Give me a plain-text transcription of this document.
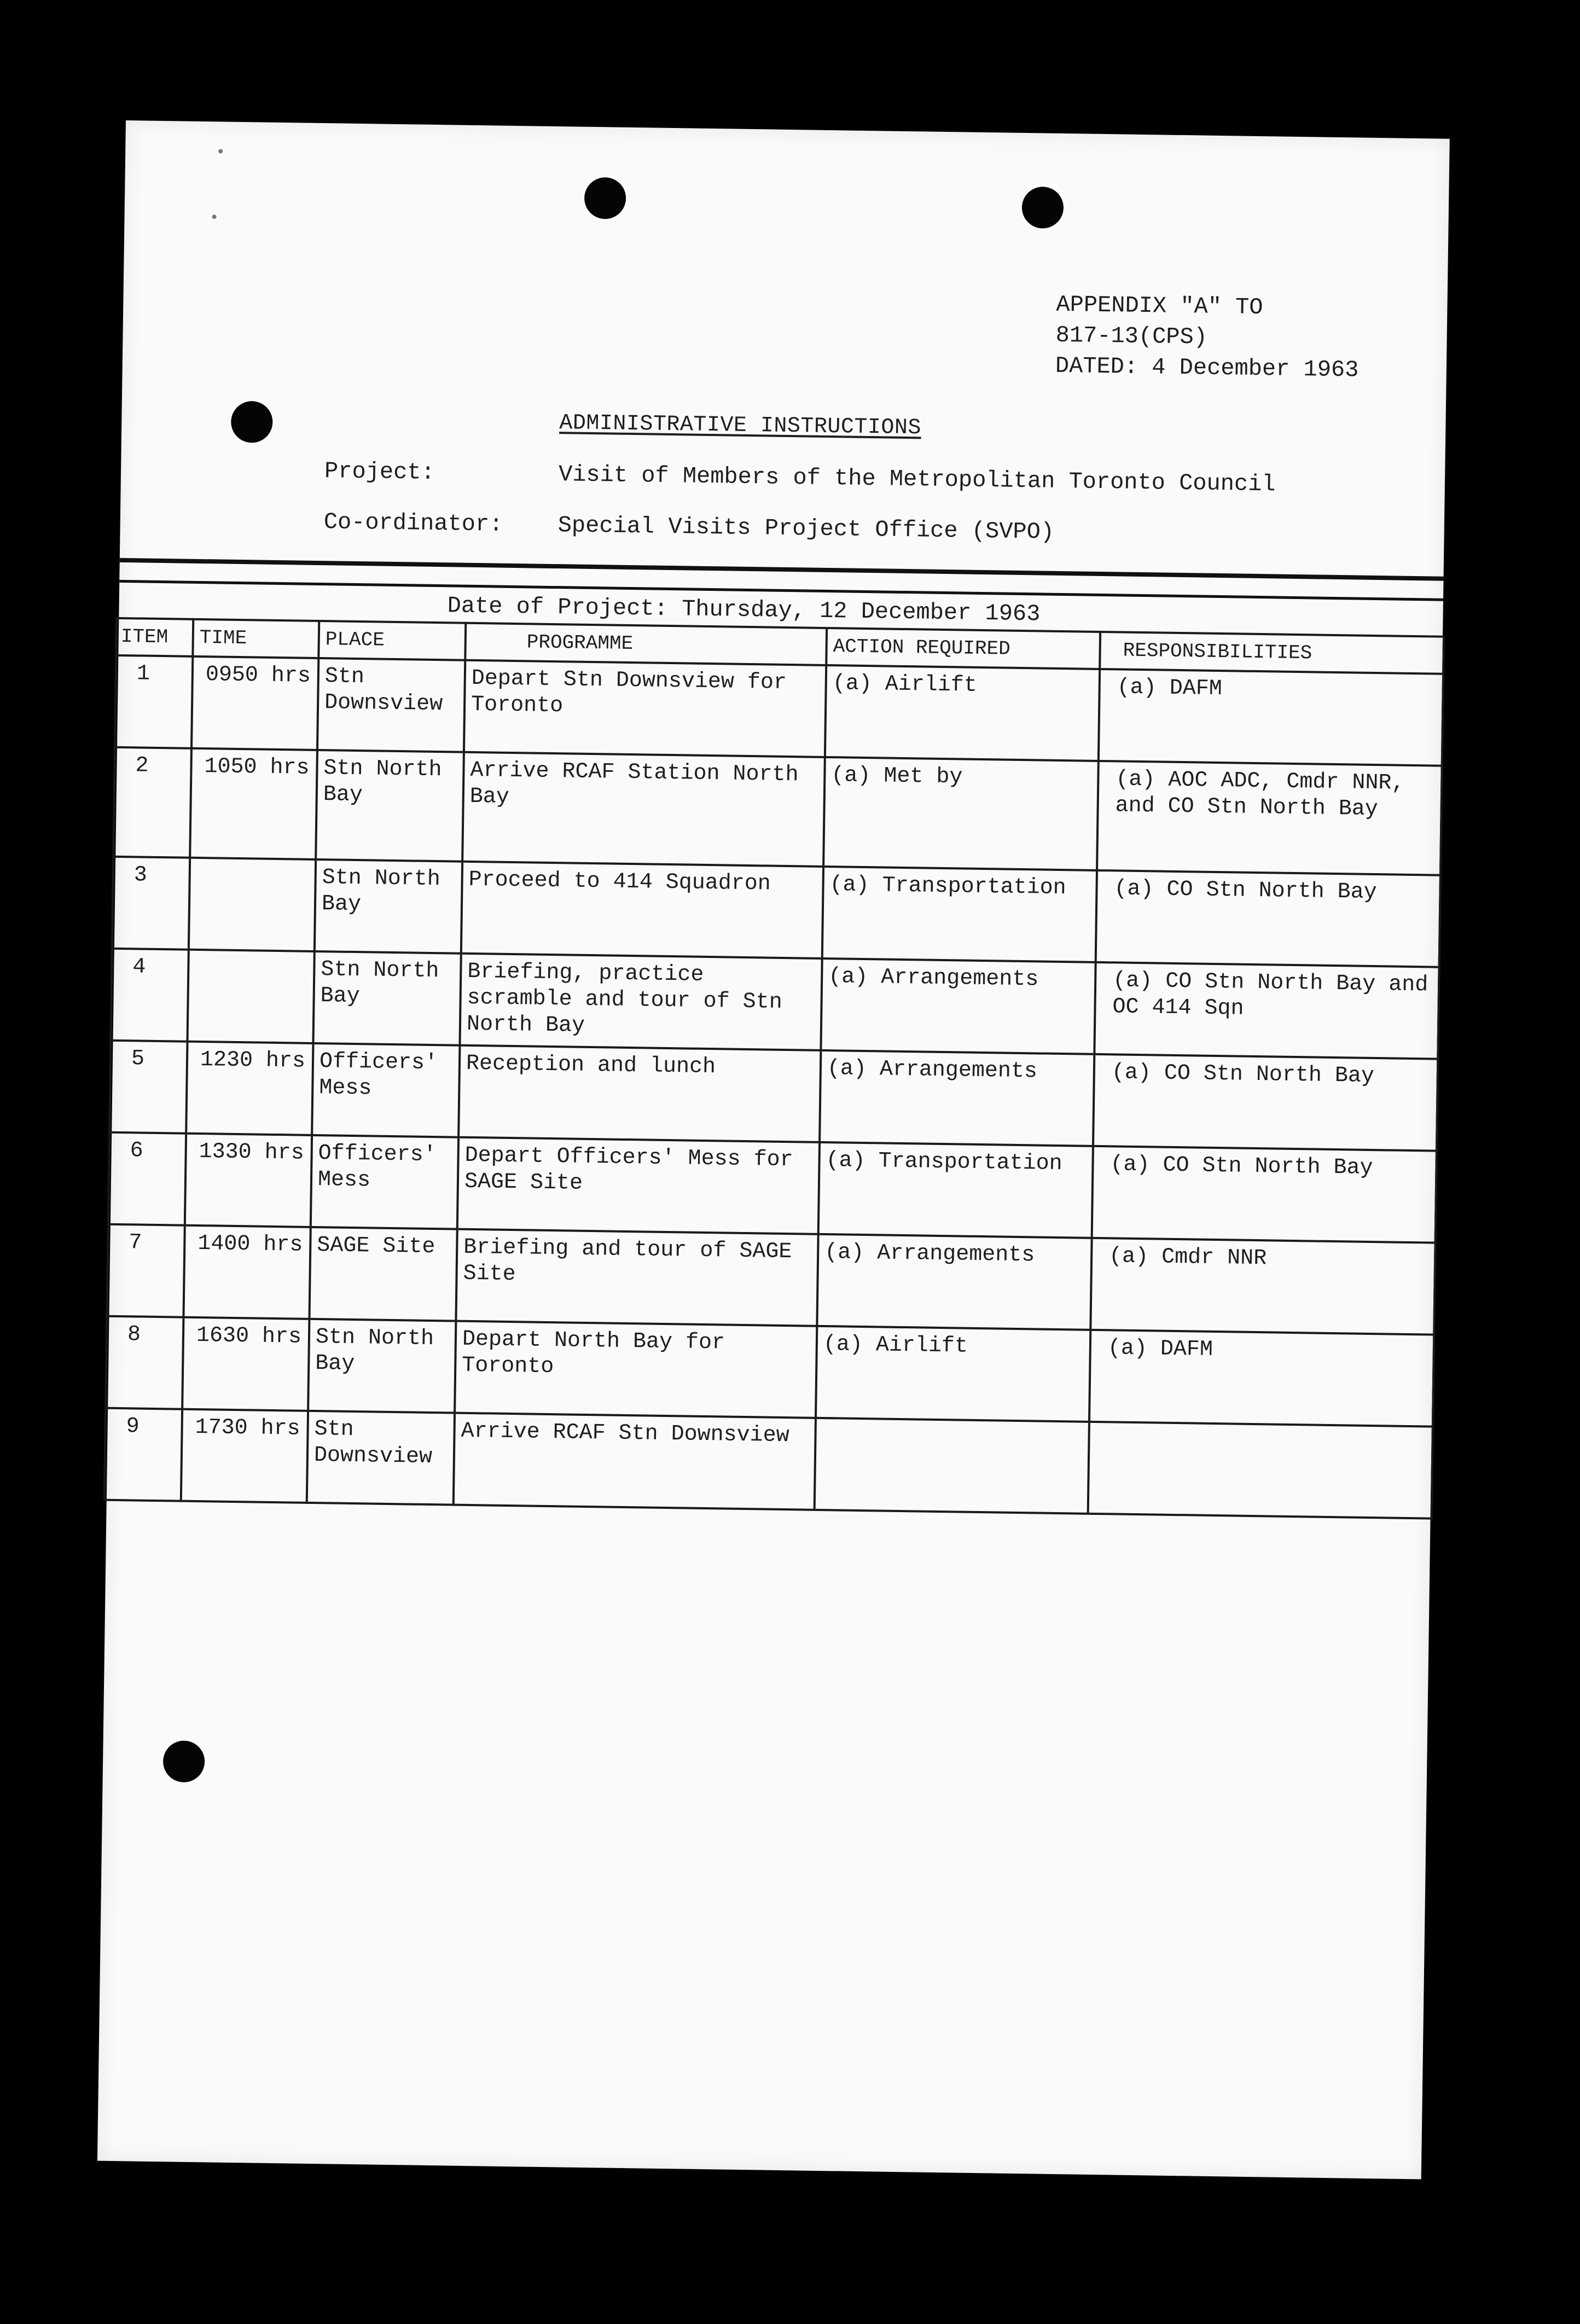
APPENDIX "A" TO
817-13(CPS)
DATED: 4 December 1963
ADMINISTRATIVE INSTRUCTIONS
Project:	Visit of Members of the Metropolitan Toronto Council
Co-ordinator: Special Visits Project Office (SVPO)
Date of Project: Thursday, 12 December 1963
ITEM	TIME	PLACE	PROGRAMME	ACTION REQUIRED	RESPONSIBILITIES
1	0950 hrs	Stn Downsview	Depart Stn Downsview for Toronto	(a) Airlift	(a) DAFM
2	1050 hrs	Stn North Bay	Arrive RCAF Station North Bay	(a) Met by	(a) AOC ADC, Cmdr NNR, and CO Stn North Bay
3		Stn North Bay	Proceed to 414 Squadron	(a) Transportation	(a) CO Stn North Bay
4		Stn North Bay	Briefing, practice scramble and tour of Stn North Bay	(a) Arrangements	(a) CO Stn North Bay and OC 414 Sqn
5	1230 hrs	Officers' Mess	Reception and lunch	(a) Arrangements	(a) CO Stn North Bay
6	1330 hrs	Officers' Mess	Depart Officers' Mess for SAGE Site	(a) Transportation	(a) CO Stn North Bay
7	1400 hrs	SAGE Site	Briefing and tour of SAGE Site	(a) Arrangements	(a) Cmdr NNR
8	1630 hrs	Stn North Bay	Depart North Bay for Toronto	(a) Airlift	(a) DAFM
9	1730 hrs	Stn Downsview	Arrive RCAF Stn Downsview		
